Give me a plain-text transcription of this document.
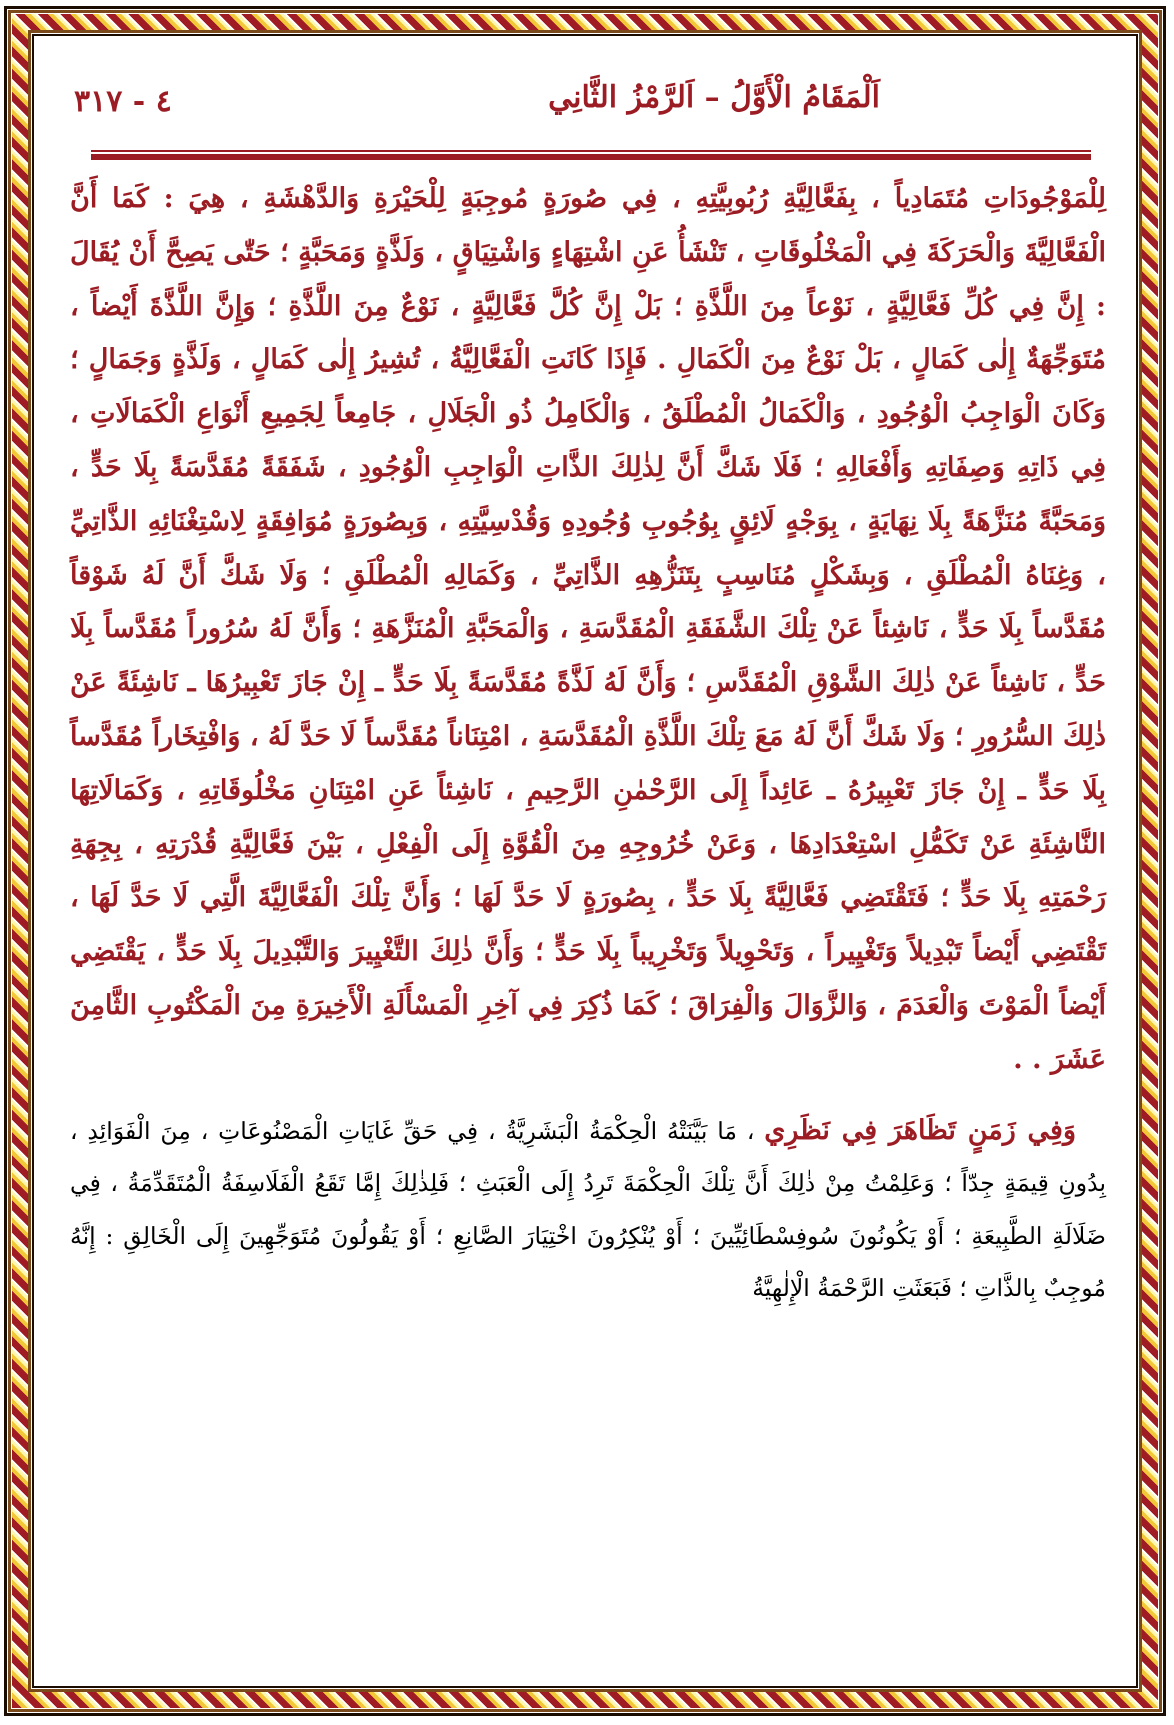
اَلْمَقَامُ الْأَوَّلُ – اَلرَّمْزُ الثَّانِي
٤ - ٣١٧

لِلْمَوْجُودَاتِ مُتَمَادِياً ، بِفَعَّالِيَّةِ رُبُوبِيَّتِهِ ، فِي صُورَةٍ مُوجِبَةٍ لِلْحَيْرَةِ وَالدَّهْشَةِ ، هِيَ : كَمَا أَنَّ الْفَعَّالِيَّةَ وَالْحَرَكَةَ فِي الْمَخْلُوقَاتِ ، تَنْشَأُ عَنِ اشْتِهَاءٍ وَاشْتِيَاقٍ ، وَلَذَّةٍ وَمَحَبَّةٍ ؛ حَتّٰى يَصِحَّ أَنْ يُقَالَ : إِنَّ فِي كُلِّ فَعَّالِيَّةٍ ، نَوْعاً مِنَ اللَّذَّةِ ؛ بَلْ إِنَّ كُلَّ فَعَّالِيَّةٍ ، نَوْعٌ مِنَ اللَّذَّةِ ؛ وَإِنَّ اللَّذَّةَ أَيْضاً ، مُتَوَجِّهَةٌ إِلٰى كَمَالٍ ، بَلْ نَوْعٌ مِنَ الْكَمَالِ . فَإِذَا كَانَتِ الْفَعَّالِيَّةُ ، تُشِيرُ إِلٰى كَمَالٍ ، وَلَذَّةٍ وَجَمَالٍ ؛ وَكَانَ الْوَاجِبُ الْوُجُودِ ، وَالْكَمَالُ الْمُطْلَقُ ، وَالْكَامِلُ ذُو الْجَلَالِ ، جَامِعاً لِجَمِيعِ أَنْوَاعِ الْكَمَالَاتِ ، فِي ذَاتِهِ وَصِفَاتِهِ وَأَفْعَالِهِ ؛ فَلَا شَكَّ أَنَّ لِذٰلِكَ الذَّاتِ الْوَاجِبِ الْوُجُودِ ، شَفَقَةً مُقَدَّسَةً بِلَا حَدٍّ ، وَمَحَبَّةً مُنَزَّهَةً بِلَا نِهَايَةٍ ، بِوَجْهٍ لَائِقٍ بِوُجُوبِ وُجُودِهِ وَقُدْسِيَّتِهِ ، وَبِصُورَةٍ مُوَافِقَةٍ لِاسْتِغْنَائِهِ الذَّاتِيِّ ، وَغِنَاهُ الْمُطْلَقِ ، وَبِشَكْلٍ مُنَاسِبٍ بِتَنَزُّهِهِ الذَّاتِيِّ ، وَكَمَالِهِ الْمُطْلَقِ ؛ وَلَا شَكَّ أَنَّ لَهُ شَوْقاً مُقَدَّساً بِلَا حَدٍّ ، نَاشِئاً عَنْ تِلْكَ الشَّفَقَةِ الْمُقَدَّسَةِ ، وَالْمَحَبَّةِ الْمُنَزَّهَةِ ؛ وَأَنَّ لَهُ سُرُوراً مُقَدَّساً بِلَا حَدٍّ ، نَاشِئاً عَنْ ذٰلِكَ الشَّوْقِ الْمُقَدَّسِ ؛ وَأَنَّ لَهُ لَذَّةً مُقَدَّسَةً بِلَا حَدٍّ ـ إِنْ جَازَ تَعْبِيرُهَا ـ نَاشِئَةً عَنْ ذٰلِكَ السُّرُورِ ؛ وَلَا شَكَّ أَنَّ لَهُ مَعَ تِلْكَ اللَّذَّةِ الْمُقَدَّسَةِ ، امْتِنَاناً مُقَدَّساً لَا حَدَّ لَهُ ، وَافْتِخَاراً مُقَدَّساً بِلَا حَدٍّ ـ إِنْ جَازَ تَعْبِيرُهُ ـ عَائِداً إِلَى الرَّحْمٰنِ الرَّحِيمِ ، نَاشِئاً عَنِ امْتِنَانِ مَخْلُوقَاتِهِ ، وَكَمَالَاتِهَا النَّاشِئَةِ عَنْ تَكَمُّلِ اسْتِعْدَادِهَا ، وَعَنْ خُرُوجِهِ مِنَ الْقُوَّةِ إِلَى الْفِعْلِ ، بَيْنَ فَعَّالِيَّةِ قُدْرَتِهِ ، بِجِهَةِ رَحْمَتِهِ بِلَا حَدٍّ ؛ فَتَقْتَضِي فَعَّالِيَّةً بِلَا حَدٍّ ، بِصُورَةٍ لَا حَدَّ لَهَا ؛ وَأَنَّ تِلْكَ الْفَعَّالِيَّةَ الَّتِي لَا حَدَّ لَهَا ، تَقْتَضِي أَيْضاً تَبْدِيلاً وَتَغْيِيراً ، وَتَحْوِيلاً وَتَخْرِيباً بِلَا حَدٍّ ؛ وَأَنَّ ذٰلِكَ التَّغْيِيرَ وَالتَّبْدِيلَ بِلَا حَدٍّ ، يَقْتَضِي أَيْضاً الْمَوْتَ وَالْعَدَمَ ، وَالزَّوَالَ وَالْفِرَاقَ ؛ كَمَا ذُكِرَ فِي آخِرِ الْمَسْأَلَةِ الْأَخِيرَةِ مِنَ الْمَكْتُوبِ الثَّامِنَ عَشَرَ . .

وَفِي زَمَنٍ تَظَاهَرَ فِي نَظَرِي ، مَا بَيَّنَتْهُ الْحِكْمَةُ الْبَشَرِيَّةُ ، فِي حَقِّ غَايَاتِ الْمَصْنُوعَاتِ ، مِنَ الْفَوَائِدِ ، بِدُونِ قِيمَةٍ جِدّاً ؛ وَعَلِمْتُ مِنْ ذٰلِكَ أَنَّ تِلْكَ الْحِكْمَةَ تَرِدُ إِلَى الْعَبَثِ ؛ فَلِذٰلِكَ إِمَّا تَقَعُ الْفَلَاسِفَةُ الْمُتَقَدِّمَةُ ، فِي ضَلَالَةِ الطَّبِيعَةِ ؛ أَوْ يَكُونُونَ سُوفِسْطَائِيِّينَ ؛ أَوْ يُنْكِرُونَ اخْتِيَارَ الصَّانِعِ ؛ أَوْ يَقُولُونَ مُتَوَجِّهِينَ إِلَى الْخَالِقِ : إِنَّهُ مُوجِبٌ بِالذَّاتِ ؛ فَبَعَثَتِ الرَّحْمَةُ الْإِلٰهِيَّةُ
